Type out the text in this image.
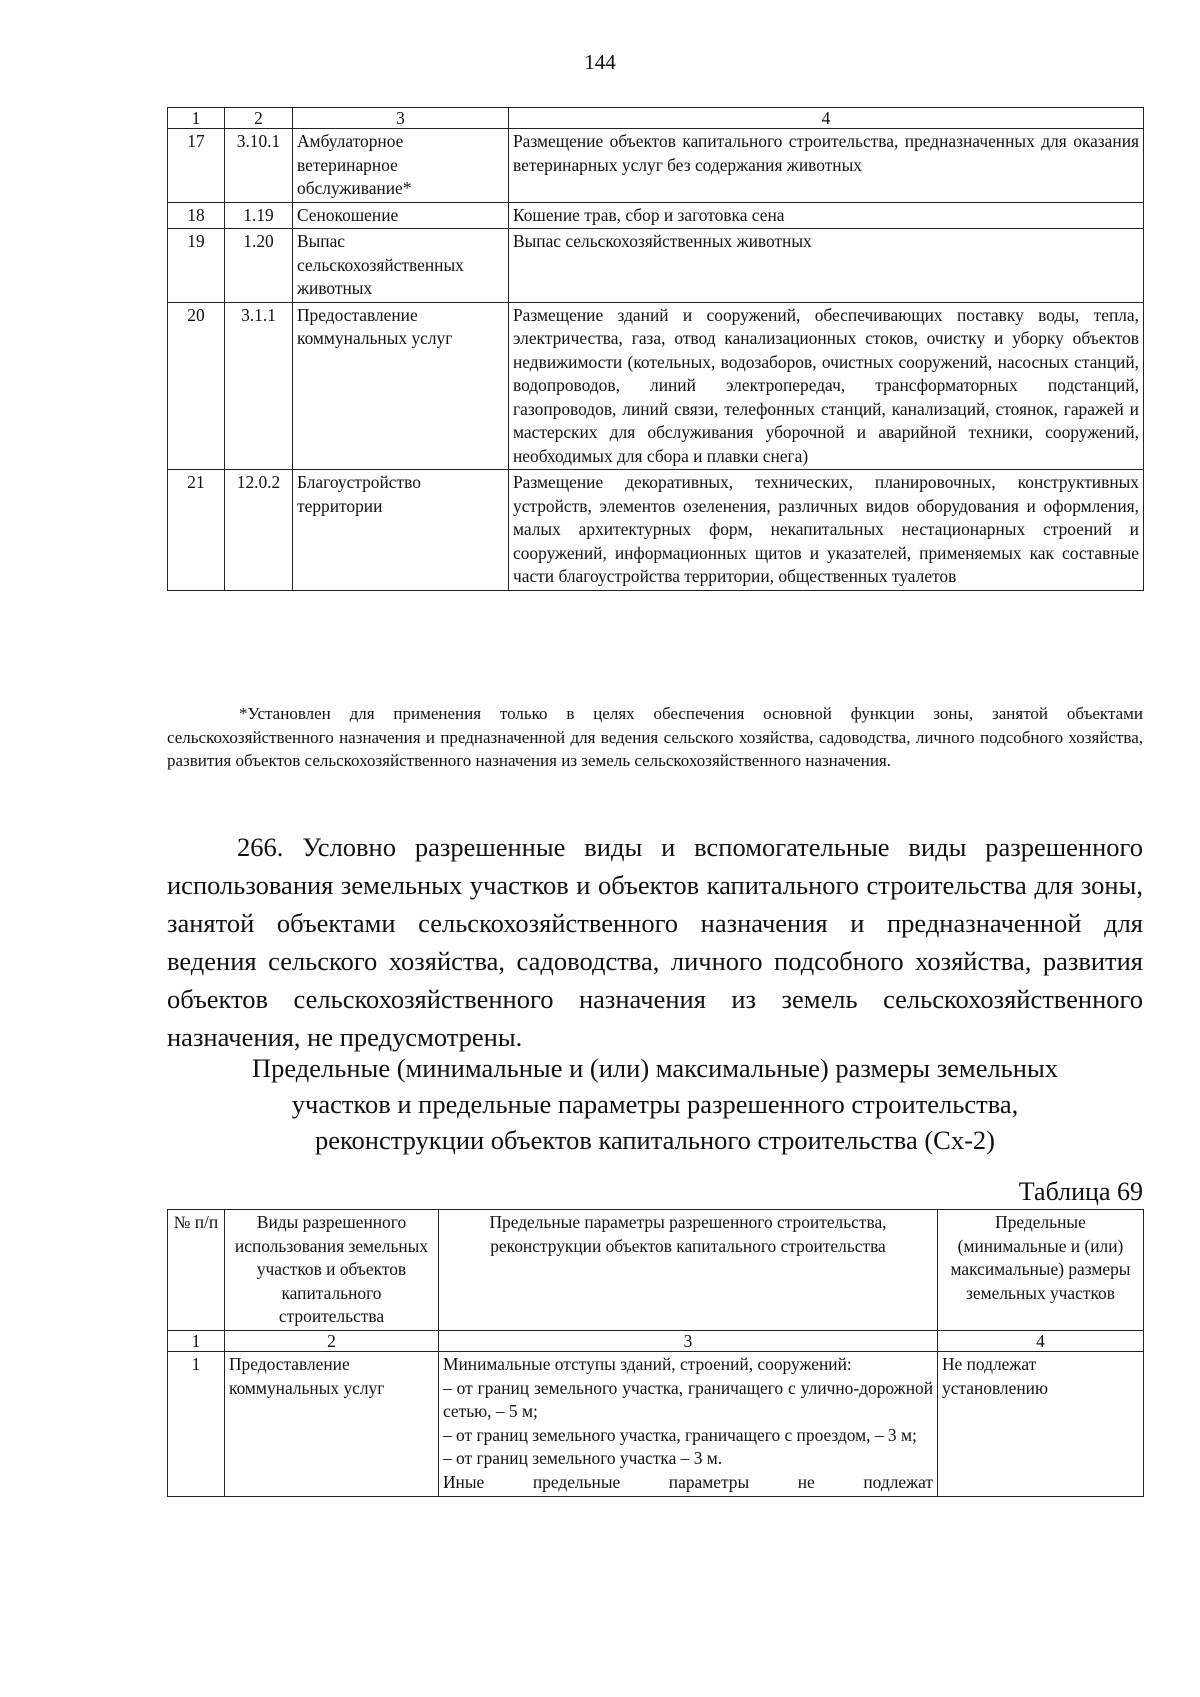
144
1	2	3	4
17	3.10.1	Амбулаторное ветеринарное обслуживание*	Размещение объектов капитального строительства, предназначенных для оказания ветеринарных услуг без содержания животных
18	1.19	Сенокошение	Кошение трав, сбор и заготовка сена
19	1.20	Выпас сельскохозяйственных животных	Выпас сельскохозяйственных животных
20	3.1.1	Предоставление коммунальных услуг	Размещение зданий и сооружений, обеспечивающих поставку воды, тепла, электричества, газа, отвод канализационных стоков, очистку и уборку объектов недвижимости (котельных, водозаборов, очистных сооружений, насосных станций, водопроводов, линий электропередач, трансформаторных подстанций, газопроводов, линий связи, телефонных станций, канализаций, стоянок, гаражей и мастерских для обслуживания уборочной и аварийной техники, сооружений, необходимых для сбора и плавки снега)
21	12.0.2	Благоустройство территории	Размещение декоративных, технических, планировочных, конструктивных устройств, элементов озеленения, различных видов оборудования и оформления, малых архитектурных форм, некапитальных нестационарных строений и сооружений, информационных щитов и указателей, применяемых как составные части благоустройства территории, общественных туалетов
*Установлен для применения только в целях обеспечения основной функции зоны, занятой объектами сельскохозяйственного назначения и предназначенной для ведения сельского хозяйства, садоводства, личного подсобного хозяйства, развития объектов сельскохозяйственного назначения из земель сельскохозяйственного назначения.
266. Условно разрешенные виды и вспомогательные виды разрешенного использования земельных участков и объектов капитального строительства для зоны, занятой объектами сельскохозяйственного назначения и предназначенной для ведения сельского хозяйства, садоводства, личного подсобного хозяйства, развития объектов сельскохозяйственного назначения из земель сельскохозяйственного назначения, не предусмотрены.
Предельные (минимальные и (или) максимальные) размеры земельных
участков и предельные параметры разрешенного строительства,
реконструкции объектов капитального строительства (Сх-2)
Таблица 69
№ п/п	Виды разрешенного использования земельных участков и объектов капитального строительства	Предельные параметры разрешенного строительства, реконструкции объектов капитального строительства	Предельные (минимальные и (или) максимальные) размеры земельных участков
1	2	3	4
1	Предоставление коммунальных услуг	Минимальные отступы зданий, строений, сооружений:
– от границ земельного участка, граничащего с улично-дорожной сетью, – 5 м;
– от границ земельного участка, граничащего с проездом, – 3 м;
– от границ земельного участка – 3 м.
Иные предельные параметры не подлежат	Не подлежат установлению
